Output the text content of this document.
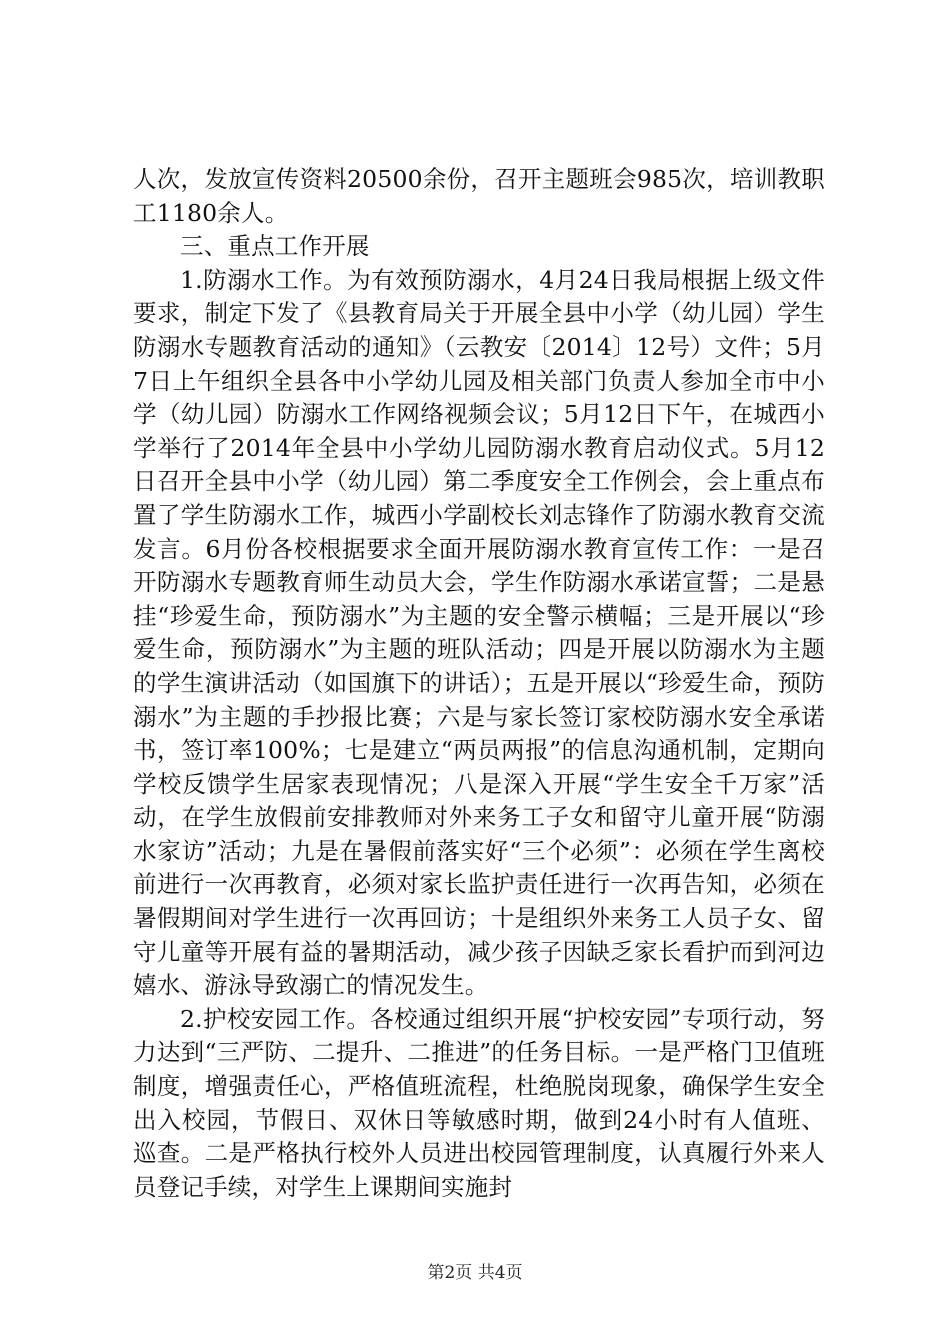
人次，发放宣传资料20500余份，召开主题班会985次，培训教职工1180余人。

三、重点工作开展

1.防溺水工作。为有效预防溺水，4月24日我局根据上级文件要求，制定下发了《县教育局关于开展全县中小学（幼儿园）学生防溺水专题教育活动的通知》（云教安〔2014〕12号）文件；5月7日上午组织全县各中小学幼儿园及相关部门负责人参加全市中小学（幼儿园）防溺水工作网络视频会议；5月12日下午，在城西小学举行了2014年全县中小学幼儿园防溺水教育启动仪式。5月12日召开全县中小学（幼儿园）第二季度安全工作例会，会上重点布置了学生防溺水工作，城西小学副校长刘志锋作了防溺水教育交流发言。6月份各校根据要求全面开展防溺水教育宣传工作：一是召开防溺水专题教育师生动员大会，学生作防溺水承诺宣誓；二是悬挂“珍爱生命，预防溺水”为主题的安全警示横幅；三是开展以“珍爱生命，预防溺水”为主题的班队活动；四是开展以防溺水为主题的学生演讲活动（如国旗下的讲话）；五是开展以“珍爱生命，预防溺水”为主题的手抄报比赛；六是与家长签订家校防溺水安全承诺书，签订率100%；七是建立“两员两报”的信息沟通机制，定期向学校反馈学生居家表现情况；八是深入开展“学生安全千万家”活动，在学生放假前安排教师对外来务工子女和留守儿童开展“防溺水家访”活动；九是在暑假前落实好“三个必须”：必须在学生离校前进行一次再教育，必须对家长监护责任进行一次再告知，必须在暑假期间对学生进行一次再回访；十是组织外来务工人员子女、留守儿童等开展有益的暑期活动，减少孩子因缺乏家长看护而到河边嬉水、游泳导致溺亡的情况发生。

2.护校安园工作。各校通过组织开展“护校安园”专项行动，努力达到“三严防、二提升、二推进”的任务目标。一是严格门卫值班制度，增强责任心，严格值班流程，杜绝脱岗现象，确保学生安全出入校园，节假日、双休日等敏感时期，做到24小时有人值班、巡查。二是严格执行校外人员进出校园管理制度，认真履行外来人员登记手续，对学生上课期间实施封

第2页 共4页
